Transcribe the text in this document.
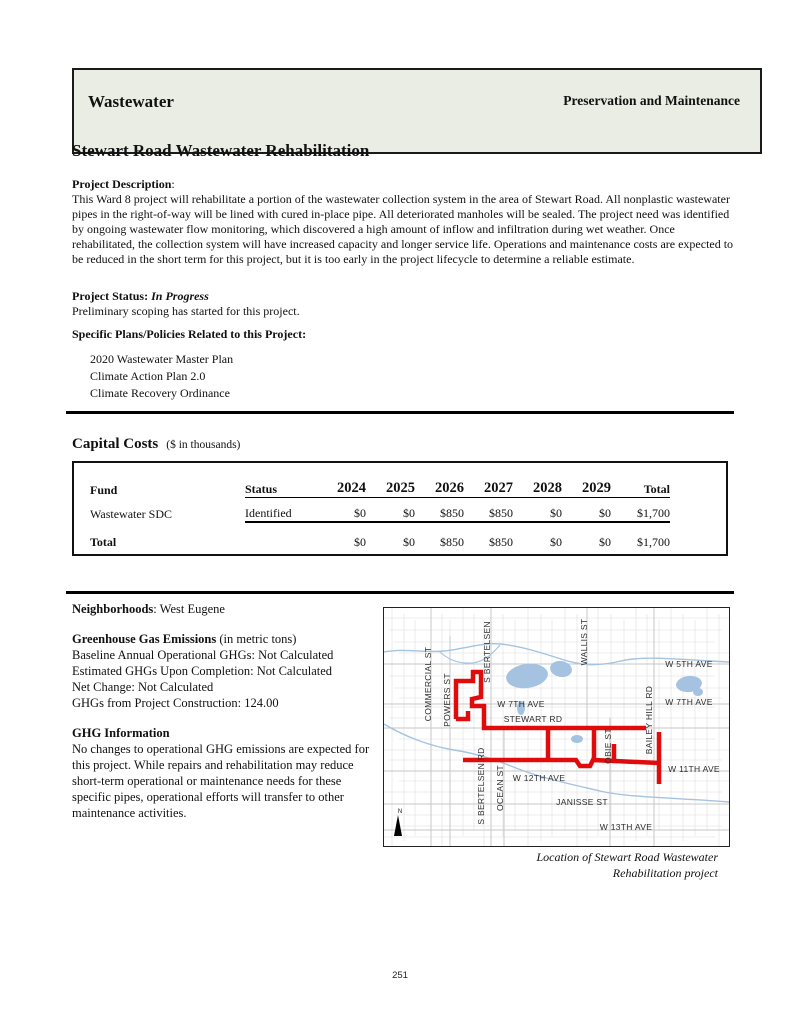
Wastewater	Preservation and Maintenance
Stewart Road Wastewater Rehabilitation
Project Description:
This Ward 8 project will rehabilitate a portion of the wastewater collection system in the area of Stewart Road. All nonplastic wastewater pipes in the right-of-way will be lined with cured in-place pipe. All deteriorated manholes will be sealed. The project need was identified by ongoing wastewater flow monitoring, which discovered a high amount of inflow and infiltration during wet weather. Once rehabilitated, the collection system will have increased capacity and longer service life. Operations and maintenance costs are expected to be reduced in the short term for this project, but it is too early in the project lifecycle to determine a reliable estimate.
Project Status: In Progress
Preliminary scoping has started for this project.
Specific Plans/Policies Related to this Project:
2020 Wastewater Master Plan
Climate Action Plan 2.0
Climate Recovery Ordinance
Capital Costs ($ in thousands)
Fund	Status	2024	2025	2026	2027	2028	2029	Total
Wastewater SDC	Identified	$0	$0	$850	$850	$0	$0	$1,700
Total		$0	$0	$850	$850	$0	$0	$1,700
Neighborhoods: West Eugene
Greenhouse Gas Emissions (in metric tons)
Baseline Annual Operational GHGs: Not Calculated
Estimated GHGs Upon Completion: Not Calculated
Net Change: Not Calculated
GHGs from Project Construction: 124.00
GHG Information

No changes to operational GHG emissions are expected for this project. While repairs and rehabilitation may reduce short-term operational or maintenance needs for these specific pipes, operational efforts will transfer to other maintenance activities.

COMMERCIAL ST POWERS ST
S BERTELSEN	WALLIS ST
BAILEY HILL RD
S BERTELSEN RD OCEAN ST
OBIE ST
W 5TH AVE
W 7TH AVE
W 7TH AVE
STEWART RD
W 12TH AVE
JANISSE ST
W 13TH AVE
W 11TH AVE
N
Location of Stewart Road Wastewater
Rehabilitation project
251
